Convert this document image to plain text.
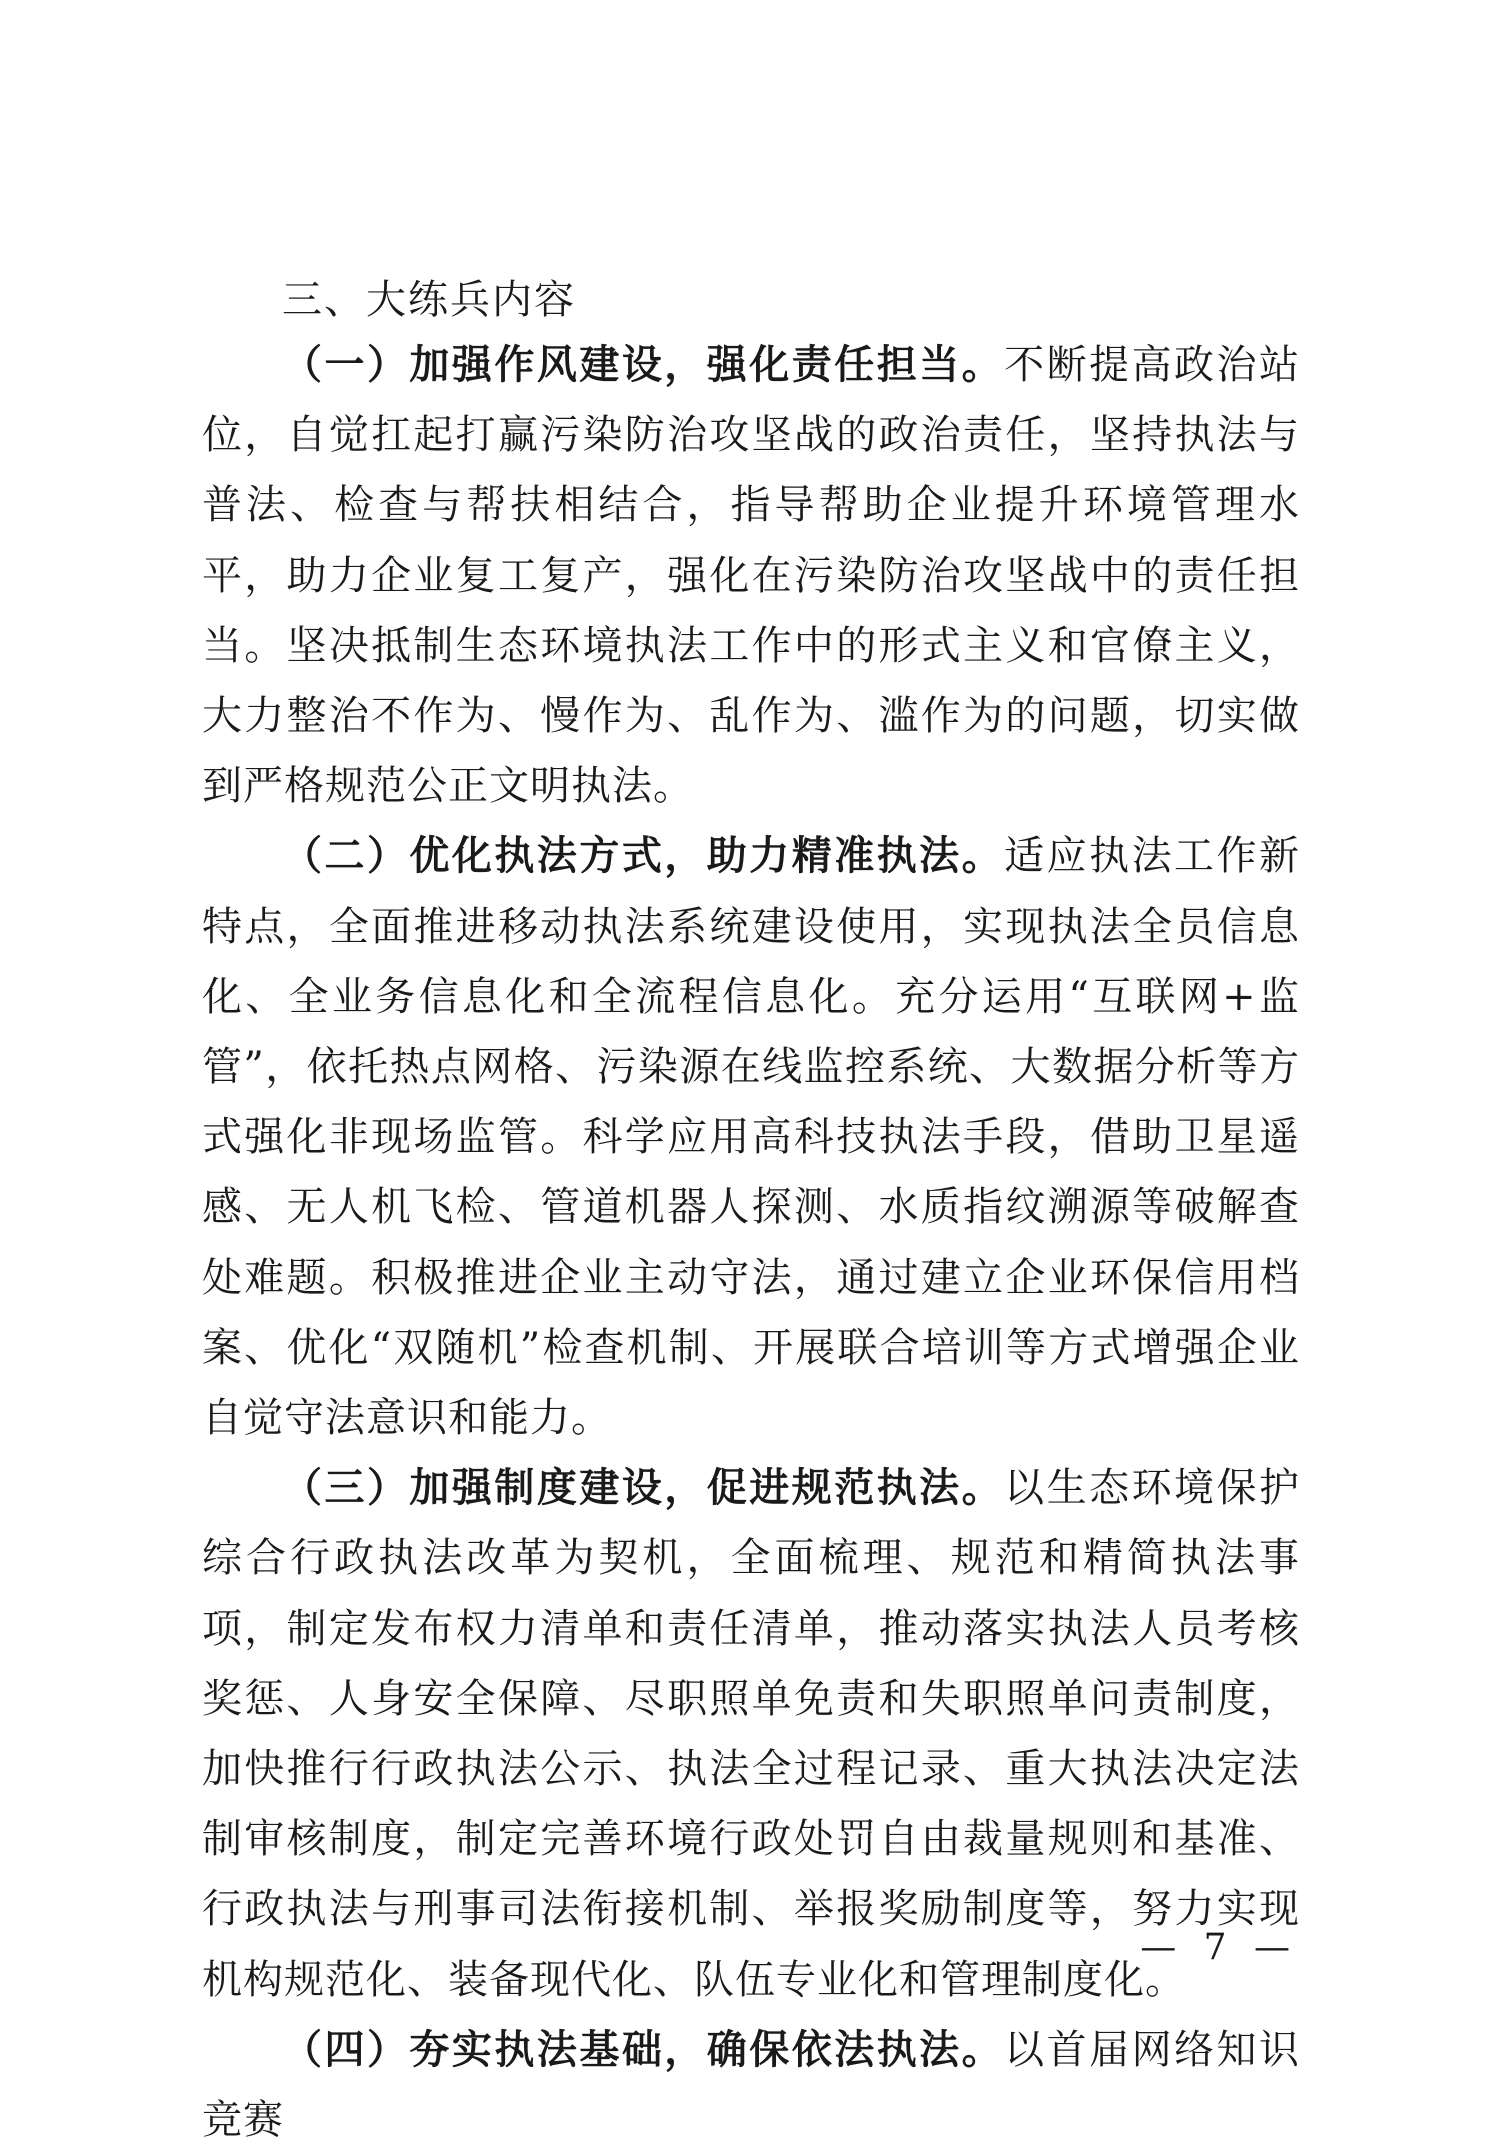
三、大练兵内容

（一）加强作风建设，强化责任担当。不断提高政治站位，自觉扛起打赢污染防治攻坚战的政治责任，坚持执法与普法、检查与帮扶相结合，指导帮助企业提升环境管理水平，助力企业复工复产，强化在污染防治攻坚战中的责任担当。坚决抵制生态环境执法工作中的形式主义和官僚主义，大力整治不作为、慢作为、乱作为、滥作为的问题，切实做到严格规范公正文明执法。

（二）优化执法方式，助力精准执法。适应执法工作新特点，全面推进移动执法系统建设使用，实现执法全员信息化、全业务信息化和全流程信息化。充分运用“互联网+监管”，依托热点网格、污染源在线监控系统、大数据分析等方式强化非现场监管。科学应用高科技执法手段，借助卫星遥感、无人机飞检、管道机器人探测、水质指纹溯源等破解查处难题。积极推进企业主动守法，通过建立企业环保信用档案、优化“双随机”检查机制、开展联合培训等方式增强企业自觉守法意识和能力。

（三）加强制度建设，促进规范执法。以生态环境保护综合行政执法改革为契机，全面梳理、规范和精简执法事项，制定发布权力清单和责任清单，推动落实执法人员考核奖惩、人身安全保障、尽职照单免责和失职照单问责制度，加快推行行政执法公示、执法全过程记录、重大执法决定法制审核制度，制定完善环境行政处罚自由裁量规则和基准、行政执法与刑事司法衔接机制、举报奖励制度等，努力实现机构规范化、装备现代化、队伍专业化和管理制度化。

（四）夯实执法基础，确保依法执法。以首届网络知识竞赛

— 7 —
